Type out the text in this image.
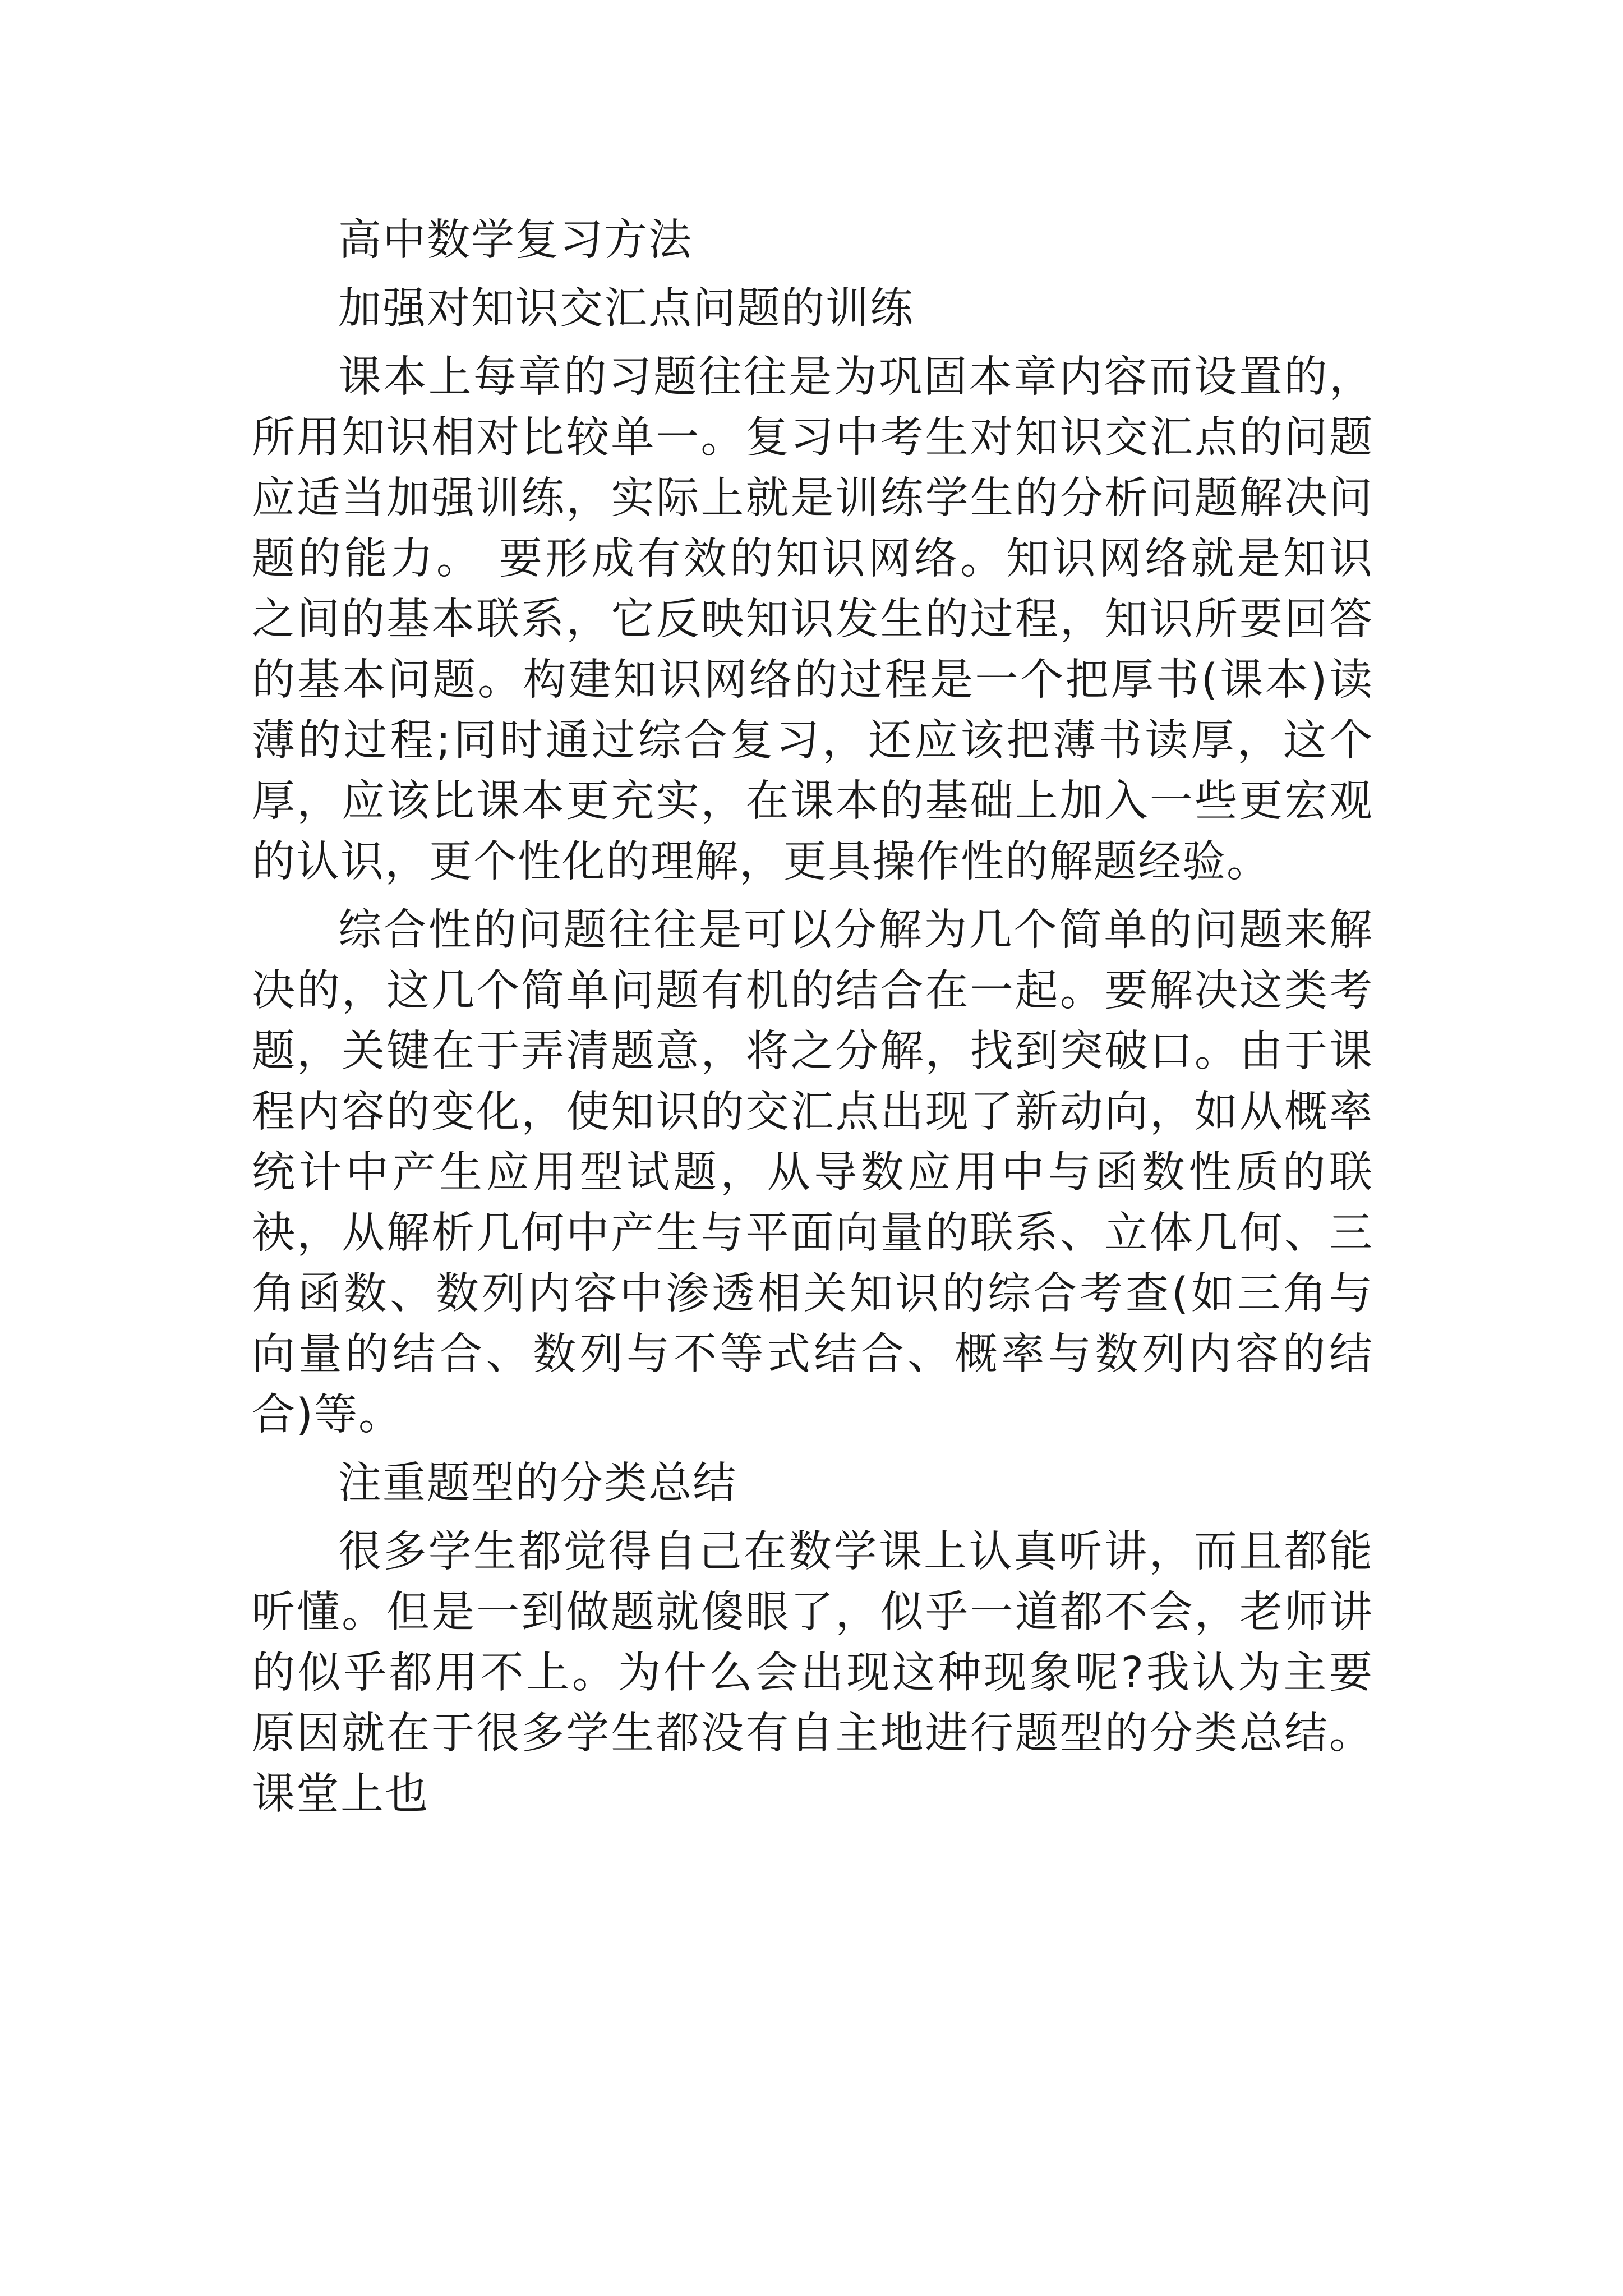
高中数学复习方法

加强对知识交汇点问题的训练

课本上每章的习题往往是为巩固本章内容而设置的，所用知识相对比较单一。复习中考生对知识交汇点的问题应适当加强训练，实际上就是训练学生的分析问题解决问题的能力。 要形成有效的知识网络。知识网络就是知识之间的基本联系，它反映知识发生的过程，知识所要回答的基本问题。构建知识网络的过程是一个把厚书(课本)读薄的过程;同时通过综合复习，还应该把薄书读厚，这个厚，应该比课本更充实，在课本的基础上加入一些更宏观的认识，更个性化的理解，更具操作性的解题经验。

综合性的问题往往是可以分解为几个简单的问题来解决的，这几个简单问题有机的结合在一起。要解决这类考题，关键在于弄清题意，将之分解，找到突破口。由于课程内容的变化，使知识的交汇点出现了新动向，如从概率统计中产生应用型试题，从导数应用中与函数性质的联袂，从解析几何中产生与平面向量的联系、立体几何、三角函数、数列内容中渗透相关知识的综合考查(如三角与向量的结合、数列与不等式结合、概率与数列内容的结合)等。

注重题型的分类总结

很多学生都觉得自己在数学课上认真听讲，而且都能听懂。但是一到做题就傻眼了，似乎一道都不会，老师讲的似乎都用不上。为什么会出现这种现象呢?我认为主要原因就在于很多学生都没有自主地进行题型的分类总结。课堂上也
